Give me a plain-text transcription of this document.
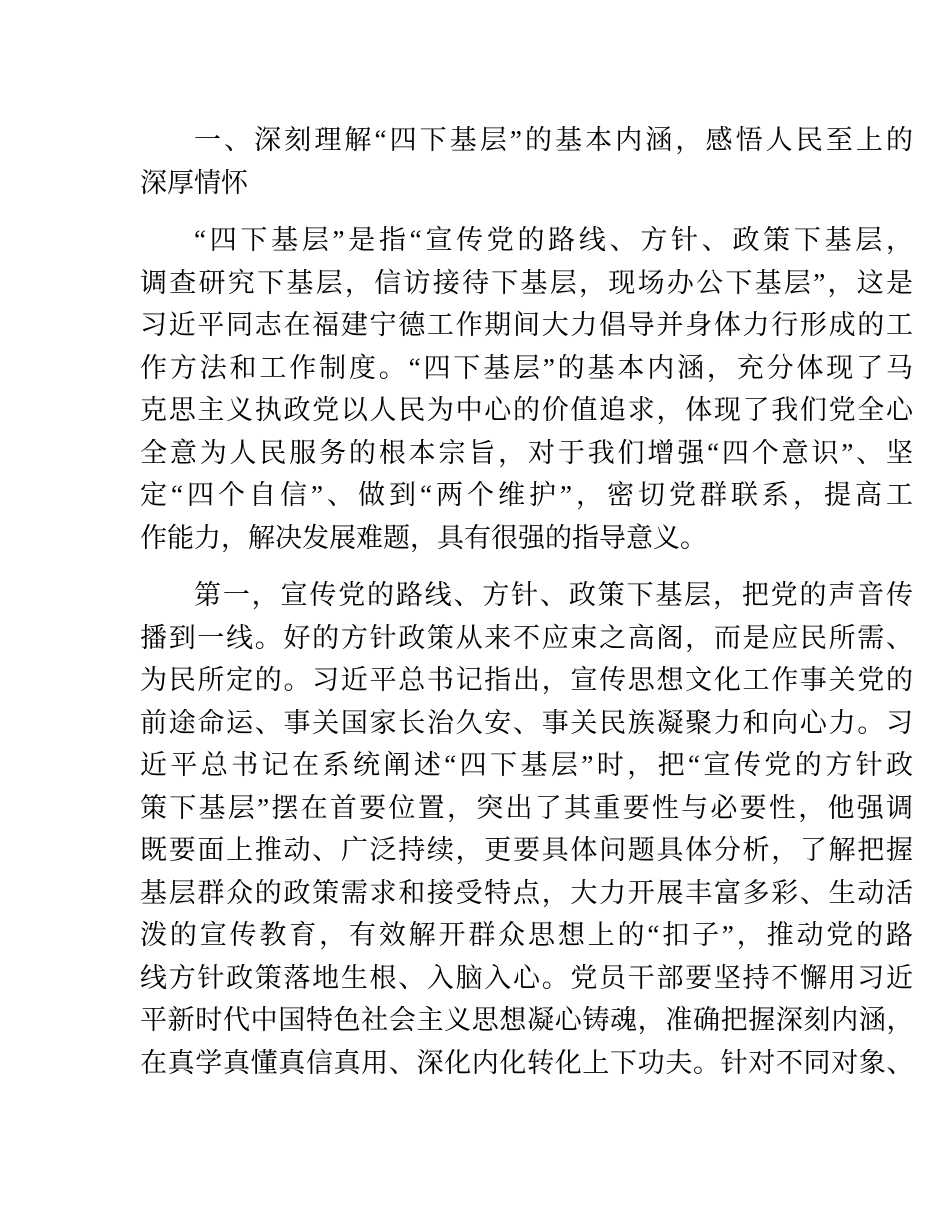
一、深刻理解“四下基层”的基本内涵，感悟人民至上的
深厚情怀
“四下基层”是指“宣传党的路线、方针、政策下基层，
调查研究下基层，信访接待下基层，现场办公下基层”，这是
习近平同志在福建宁德工作期间大力倡导并身体力行形成的工
作方法和工作制度。“四下基层”的基本内涵，充分体现了马
克思主义执政党以人民为中心的价值追求，体现了我们党全心
全意为人民服务的根本宗旨，对于我们增强“四个意识”、坚
定“四个自信”、做到“两个维护”，密切党群联系，提高工
作能力，解决发展难题，具有很强的指导意义。
第一，宣传党的路线、方针、政策下基层，把党的声音传
播到一线。好的方针政策从来不应束之高阁，而是应民所需、
为民所定的。习近平总书记指出，宣传思想文化工作事关党的
前途命运、事关国家长治久安、事关民族凝聚力和向心力。习
近平总书记在系统阐述“四下基层”时，把“宣传党的方针政
策下基层”摆在首要位置，突出了其重要性与必要性，他强调
既要面上推动、广泛持续，更要具体问题具体分析，了解把握
基层群众的政策需求和接受特点，大力开展丰富多彩、生动活
泼的宣传教育，有效解开群众思想上的“扣子”，推动党的路
线方针政策落地生根、入脑入心。党员干部要坚持不懈用习近
平新时代中国特色社会主义思想凝心铸魂，准确把握深刻内涵，
在真学真懂真信真用、深化内化转化上下功夫。针对不同对象、
